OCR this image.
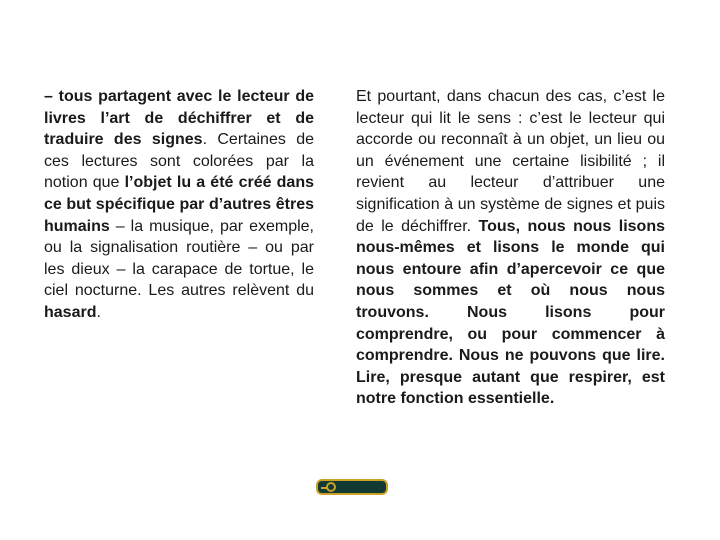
– tous partagent avec le lecteur de livres l’art de déchiffrer et de traduire des signes. Certaines de ces lectures sont colorées par la notion que l’objet lu a été créé dans ce but spécifique par d’autres êtres humains – la musique, par exemple, ou la signalisation routière – ou par les dieux – la carapace de tortue, le ciel nocturne. Les autres relèvent du hasard.
Et pourtant, dans chacun des cas, c’est le lecteur qui lit le sens : c’est le lecteur qui accorde ou reconnaît à un objet, un lieu ou un événement une certaine lisibilité ; il revient au lecteur d’attribuer une signification à un système de signes et puis de le déchiffrer. Tous, nous nous lisons nous-mêmes et lisons le monde qui nous entoure afin d’apercevoir ce que nous sommes et où nous nous trouvons. Nous lisons pour comprendre, ou pour commencer à comprendre. Nous ne pouvons que lire. Lire, presque autant que respirer, est notre fonction essentielle.
